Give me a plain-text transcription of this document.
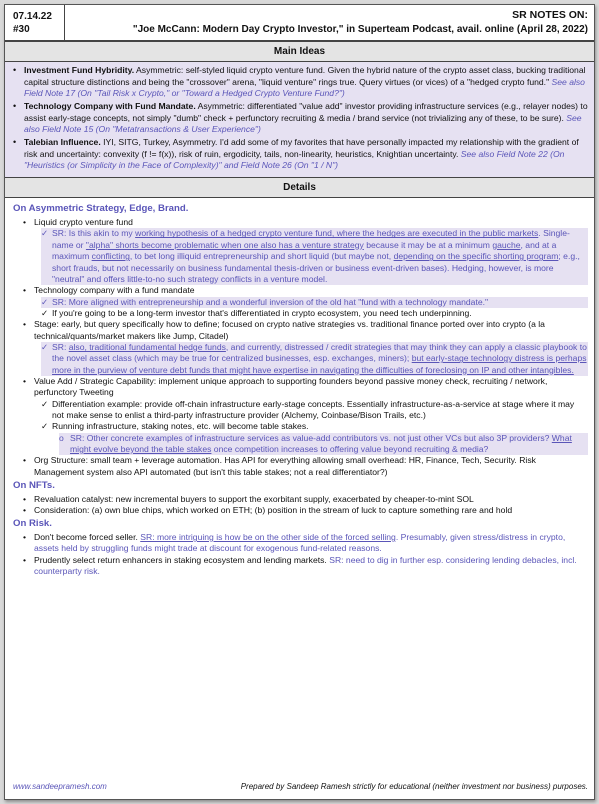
07.14.22
#30
SR NOTES ON:
"Joe McCann: Modern Day Crypto Investor," in Superteam Podcast, avail. online (April 28, 2022)
Main Ideas
• Investment Fund Hybridity. Asymmetric: self-styled liquid crypto venture fund. Given the hybrid nature of the crypto asset class, bucking traditional capital structure distinctions and being the "crossover" arena, "liquid venture" rings true. Query virtues (or vices) of a "hedged crypto fund." See also Field Note 17 (On "Tail Risk x Crypto," or "Toward a Hedged Crypto Venture Fund?")
• Technology Company with Fund Mandate. Asymmetric: differentiated "value add" investor providing infrastructure services (e.g., relayer nodes) to assist early-stage concepts, not simply "dumb" check + perfunctory recruiting & media / brand service (not trivializing any of these, to be sure). See also Field Note 15 (On "Metatransactions & User Experience")
• Talebian Influence. IYI, SITG, Turkey, Asymmetry. I'd add some of my favorites that have personally impacted my relationship with the gradient of risk and uncertainty: convexity (f != f(x)), risk of ruin, ergodicity, tails, non-linearity, heuristics, Knightian uncertainty. See also Field Note 22 (On "Heuristics (or Simplicity in the Face of Complexity)" and Field Note 26 (On "1 / N")
Details
On Asymmetric Strategy, Edge, Brand.
• Liquid crypto venture fund
✓ SR: Is this akin to my working hypothesis of a hedged crypto venture fund, where the hedges are executed in the public markets. Single-name or "alpha" shorts become problematic when one also has a venture strategy because it may be at a minimum gauche, and at a maximum conflicting, to bet long illiquid entrepreneurship and short liquid (but maybe not, depending on the specific shorting program; e.g., short frauds, but not necessarily on business fundamental thesis-driven or business event-driven bases). Hedging, however, is more "neutral" and offers little-to-no such strategy conflicts in a venture model.
• Technology company with a fund mandate
✓ SR: More aligned with entrepreneurship and a wonderful inversion of the old hat "fund with a technology mandate."
✓ If you're going to be a long-term investor that's differentiated in crypto ecosystem, you need tech underpinning.
• Stage: early, but query specifically how to define; focused on crypto native strategies vs. traditional finance ported over into crypto (a la technical/quants/market makers like Jump, Citadel)
✓ SR: also, traditional fundamental hedge funds, and currently, distressed / credit strategies that may think they can apply a classic playbook to the novel asset class (which may be true for centralized businesses, esp. exchanges, miners); but early-stage technology distress is perhaps more in the purview of venture debt funds that might have expertise in navigating the difficulties of foreclosing on IP and other intangibles.
• Value Add / Strategic Capability: implement unique approach to supporting founders beyond passive money check, recruiting / network, perfunctory Tweeting
✓ Differentiation example: provide off-chain infrastructure early-stage concepts. Essentially infrastructure-as-a-service at stage where it may not make sense to enlist a third-party infrastructure provider (Alchemy, Coinbase/Bison Trails, etc.)
✓ Running infrastructure, staking notes, etc. will become table stakes.
o SR: Other concrete examples of infrastructure services as value-add contributors vs. not just other VCs but also 3P providers? What might evolve beyond the table stakes once competition increases to offering value beyond recruiting & media?
• Org Structure: small team + leverage automation. Has API for everything allowing small overhead: HR, Finance, Tech, Security. Risk Management system also API automated (but isn't this table stakes; not a real differentiator?)
On NFTs.
• Revaluation catalyst: new incremental buyers to support the exorbitant supply, exacerbated by cheaper-to-mint SOL
• Consideration: (a) own blue chips, which worked on ETH; (b) position in the stream of luck to capture something rare and hold
On Risk.
• Don't become forced seller. SR: more intriguing is how be on the other side of the forced selling. Presumably, given stress/distress in crypto, assets held by struggling funds might trade at discount for exogenous fund-related reasons.
• Prudently select return enhancers in staking ecosystem and lending markets. SR: need to dig in further esp. considering lending debacles, incl. counterparty risk.
www.sandeepramesh.com	Prepared by Sandeep Ramesh strictly for educational (neither investment nor business) purposes.
